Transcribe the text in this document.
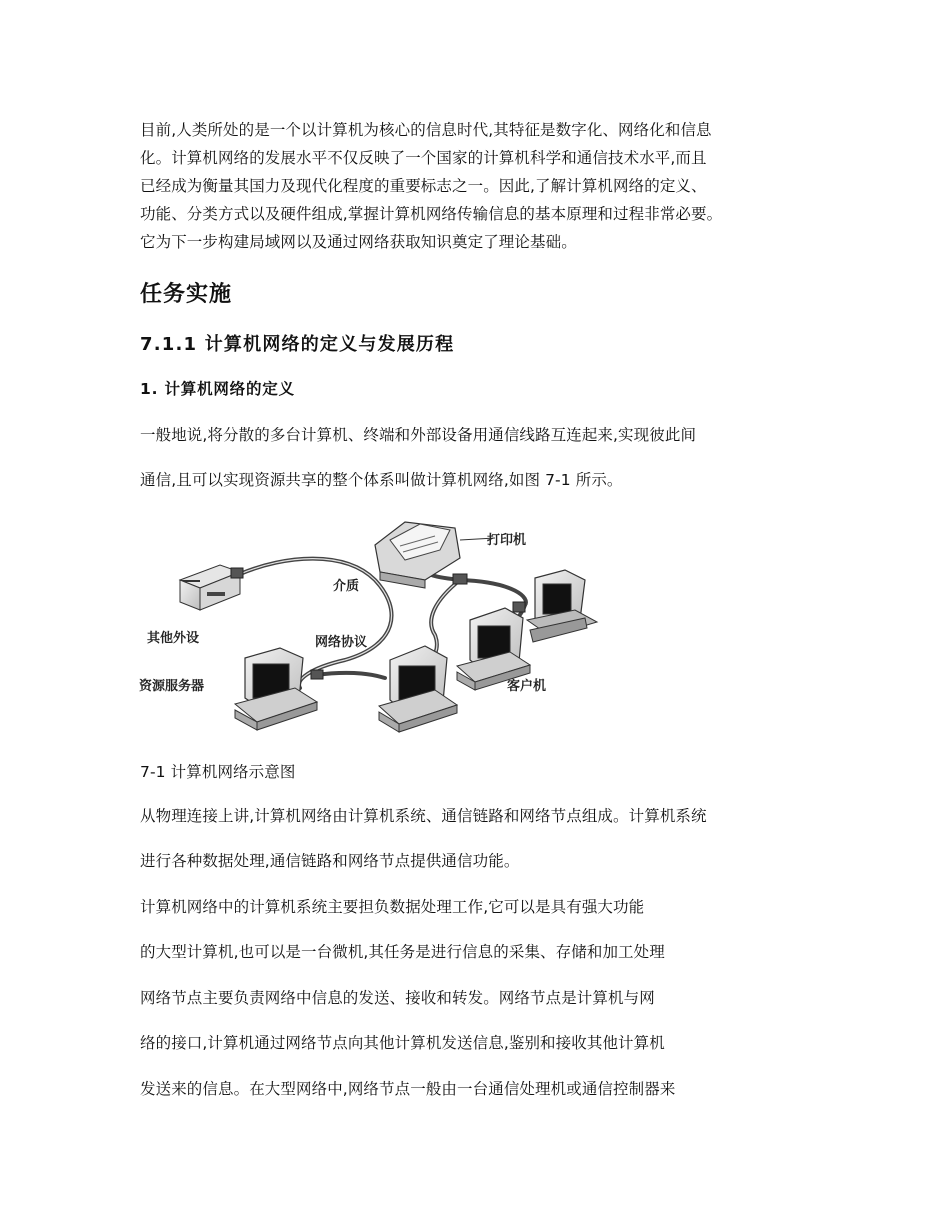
目前,人类所处的是一个以计算机为核心的信息时代,其特征是数字化、网络化和信息
化。计算机网络的发展水平不仅反映了一个国家的计算机科学和通信技术水平,而且
已经成为衡量其国力及现代化程度的重要标志之一。因此,了解计算机网络的定义、
功能、分类方式以及硬件组成,掌握计算机网络传输信息的基本原理和过程非常必要。
它为下一步构建局域网以及通过网络获取知识奠定了理论基础。
任务实施
7.1.1 计算机网络的定义与发展历程
1. 计算机网络的定义
一般地说,将分散的多台计算机、终端和外部设备用通信线路互连起来,实现彼此间
通信,且可以实现资源共享的整个体系叫做计算机网络,如图 7-1 所示。
打印机
介质
其他外设	网络协议
资源服务器	客户机
7-1 计算机网络示意图
从物理连接上讲,计算机网络由计算机系统、通信链路和网络节点组成。计算机系统
进行各种数据处理,通信链路和网络节点提供通信功能。
计算机网络中的计算机系统主要担负数据处理工作,它可以是具有强大功能
的大型计算机,也可以是一台微机,其任务是进行信息的采集、存储和加工处理
网络节点主要负责网络中信息的发送、接收和转发。网络节点是计算机与网
络的接口,计算机通过网络节点向其他计算机发送信息,鉴别和接收其他计算机
发送来的信息。在大型网络中,网络节点一般由一台通信处理机或通信控制器来
